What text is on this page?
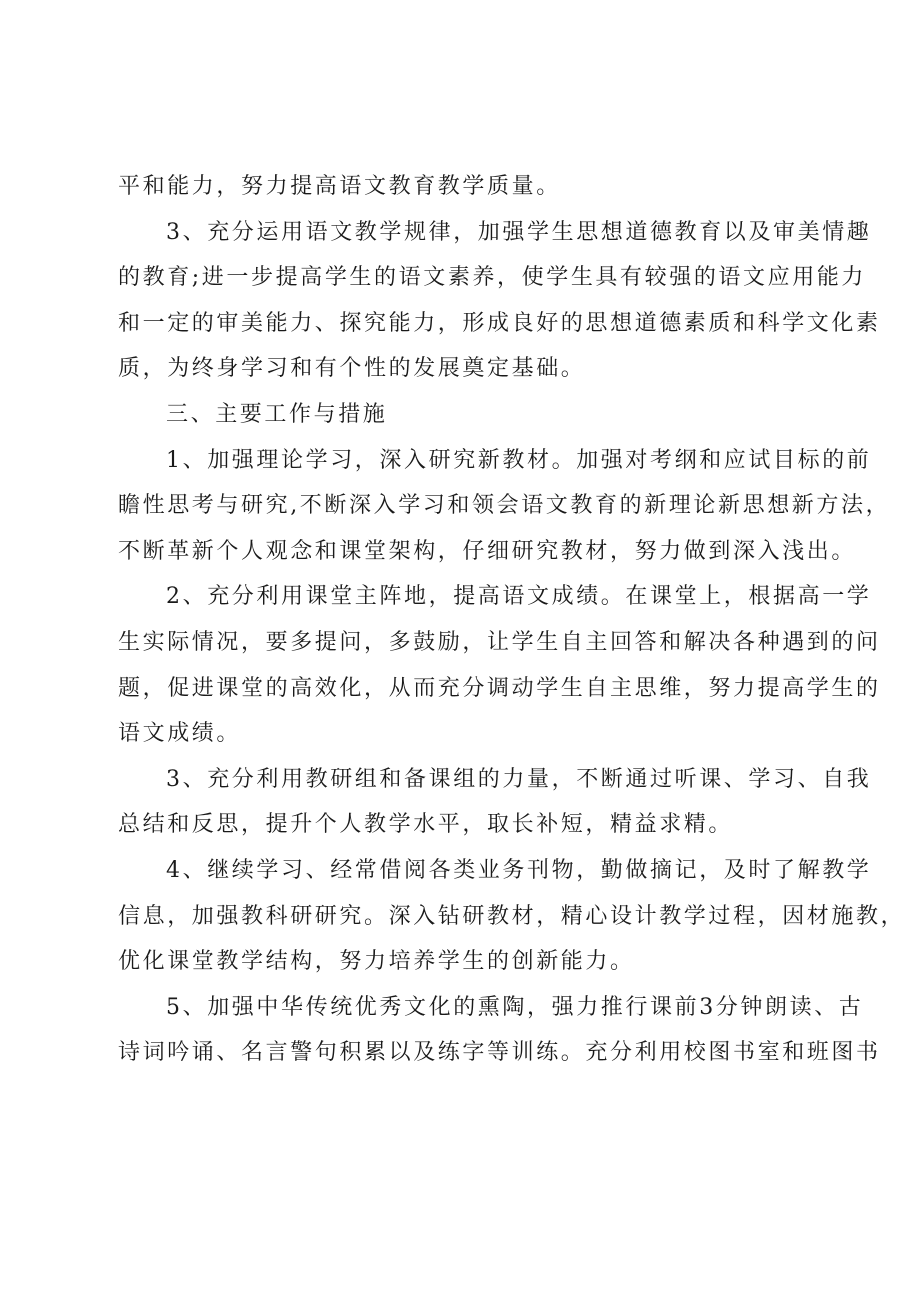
平和能力，努力提高语文教育教学质量。
3、充分运用语文教学规律，加强学生思想道德教育以及审美情趣
的教育;进一步提高学生的语文素养，使学生具有较强的语文应用能力
和一定的审美能力、探究能力，形成良好的思想道德素质和科学文化素
质，为终身学习和有个性的发展奠定基础。
三、主要工作与措施
1、加强理论学习，深入研究新教材。加强对考纲和应试目标的前
瞻性思考与研究,不断深入学习和领会语文教育的新理论新思想新方法，
不断革新个人观念和课堂架构，仔细研究教材，努力做到深入浅出。
2、充分利用课堂主阵地，提高语文成绩。在课堂上，根据高一学
生实际情况，要多提问，多鼓励，让学生自主回答和解决各种遇到的问
题，促进课堂的高效化，从而充分调动学生自主思维，努力提高学生的
语文成绩。
3、充分利用教研组和备课组的力量，不断通过听课、学习、自我
总结和反思，提升个人教学水平，取长补短，精益求精。
4、继续学习、经常借阅各类业务刊物，勤做摘记，及时了解教学
信息，加强教科研研究。深入钻研教材，精心设计教学过程，因材施教，
优化课堂教学结构，努力培养学生的创新能力。
5、加强中华传统优秀文化的熏陶，强力推行课前3分钟朗读、古
诗词吟诵、名言警句积累以及练字等训练。充分利用校图书室和班图书
